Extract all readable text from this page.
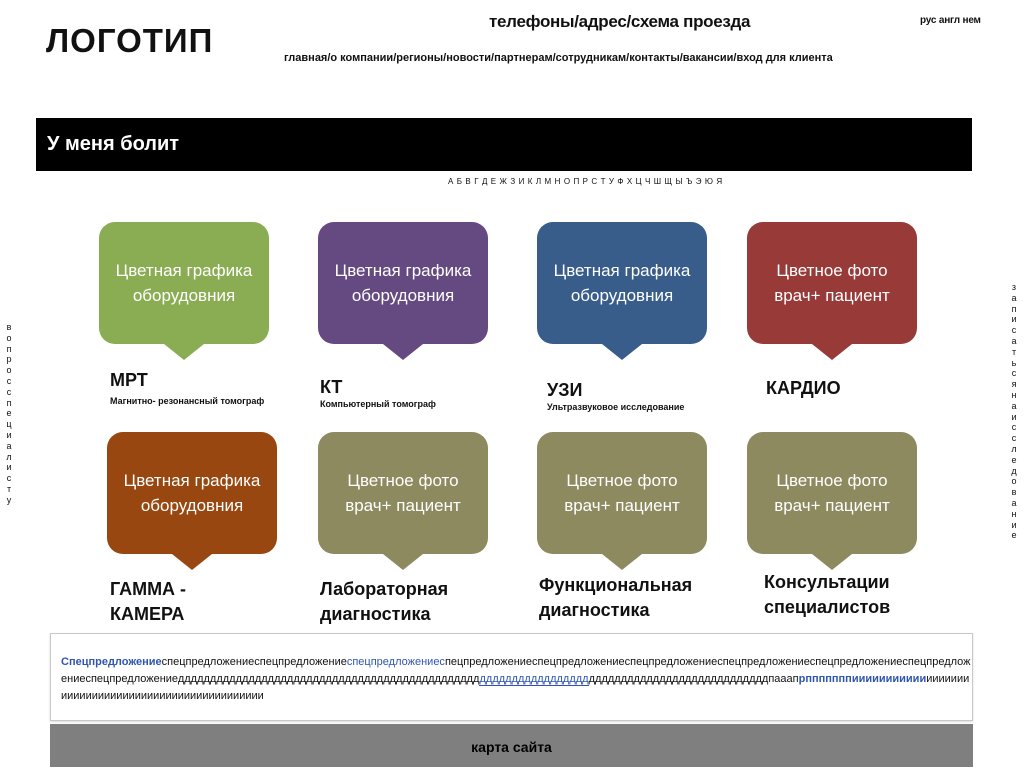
ЛОГОТИП
телефоны/адрес/схема проезда	рус англ нем
главная/о компании/регионы/новости/партнерам/сотрудникам/контакты/вакансии/вход для клиента
У меня болит
А Б В Г Д Е Ж З И К Л М Н О П Р С Т У Ф Х Ц Ч Ш Щ Ы Ъ Э Ю Я
в
о
п
р
о
с
с
п
е
ц
и
а
л
и
с
т
у
з
а
п
и
с
а
т
ь
с
я
н
а
и
с
с
л
е
д
о
в
а
н
и
е
Цветная графика оборудовния
Цветная графика оборудовния
Цветная графика оборудовния
Цветное фото врач+ пациент
МРТ
Магнитно- резонансный томограф
КТ
Компьютерный томограф
УЗИ
Ультразвуковое исследование
КАРДИО
Цветная графика оборудовния
Цветное фото врач+ пациент
Цветное фото врач+ пациент
Цветное фото врач+ пациент
ГАММА - КАМЕРА
Лабораторная диагностика
Функциональная диагностика
Консультации специалистов
Спецпредложениеспецпредложениеспецпредложениеспецпредложениеспецпредложениеспецпредложениеспецпредложениеспецпредложениеспецпредложениеспецпредложениеспецпредложениеддддддддддддддддддддддддддддддддддддддддддддддддддддддддддддддддддддддддддддддддддддддддддддпааапрпппппппиииииииииииииииииииииииииииииииииииииииииииииииииии
карта сайта
